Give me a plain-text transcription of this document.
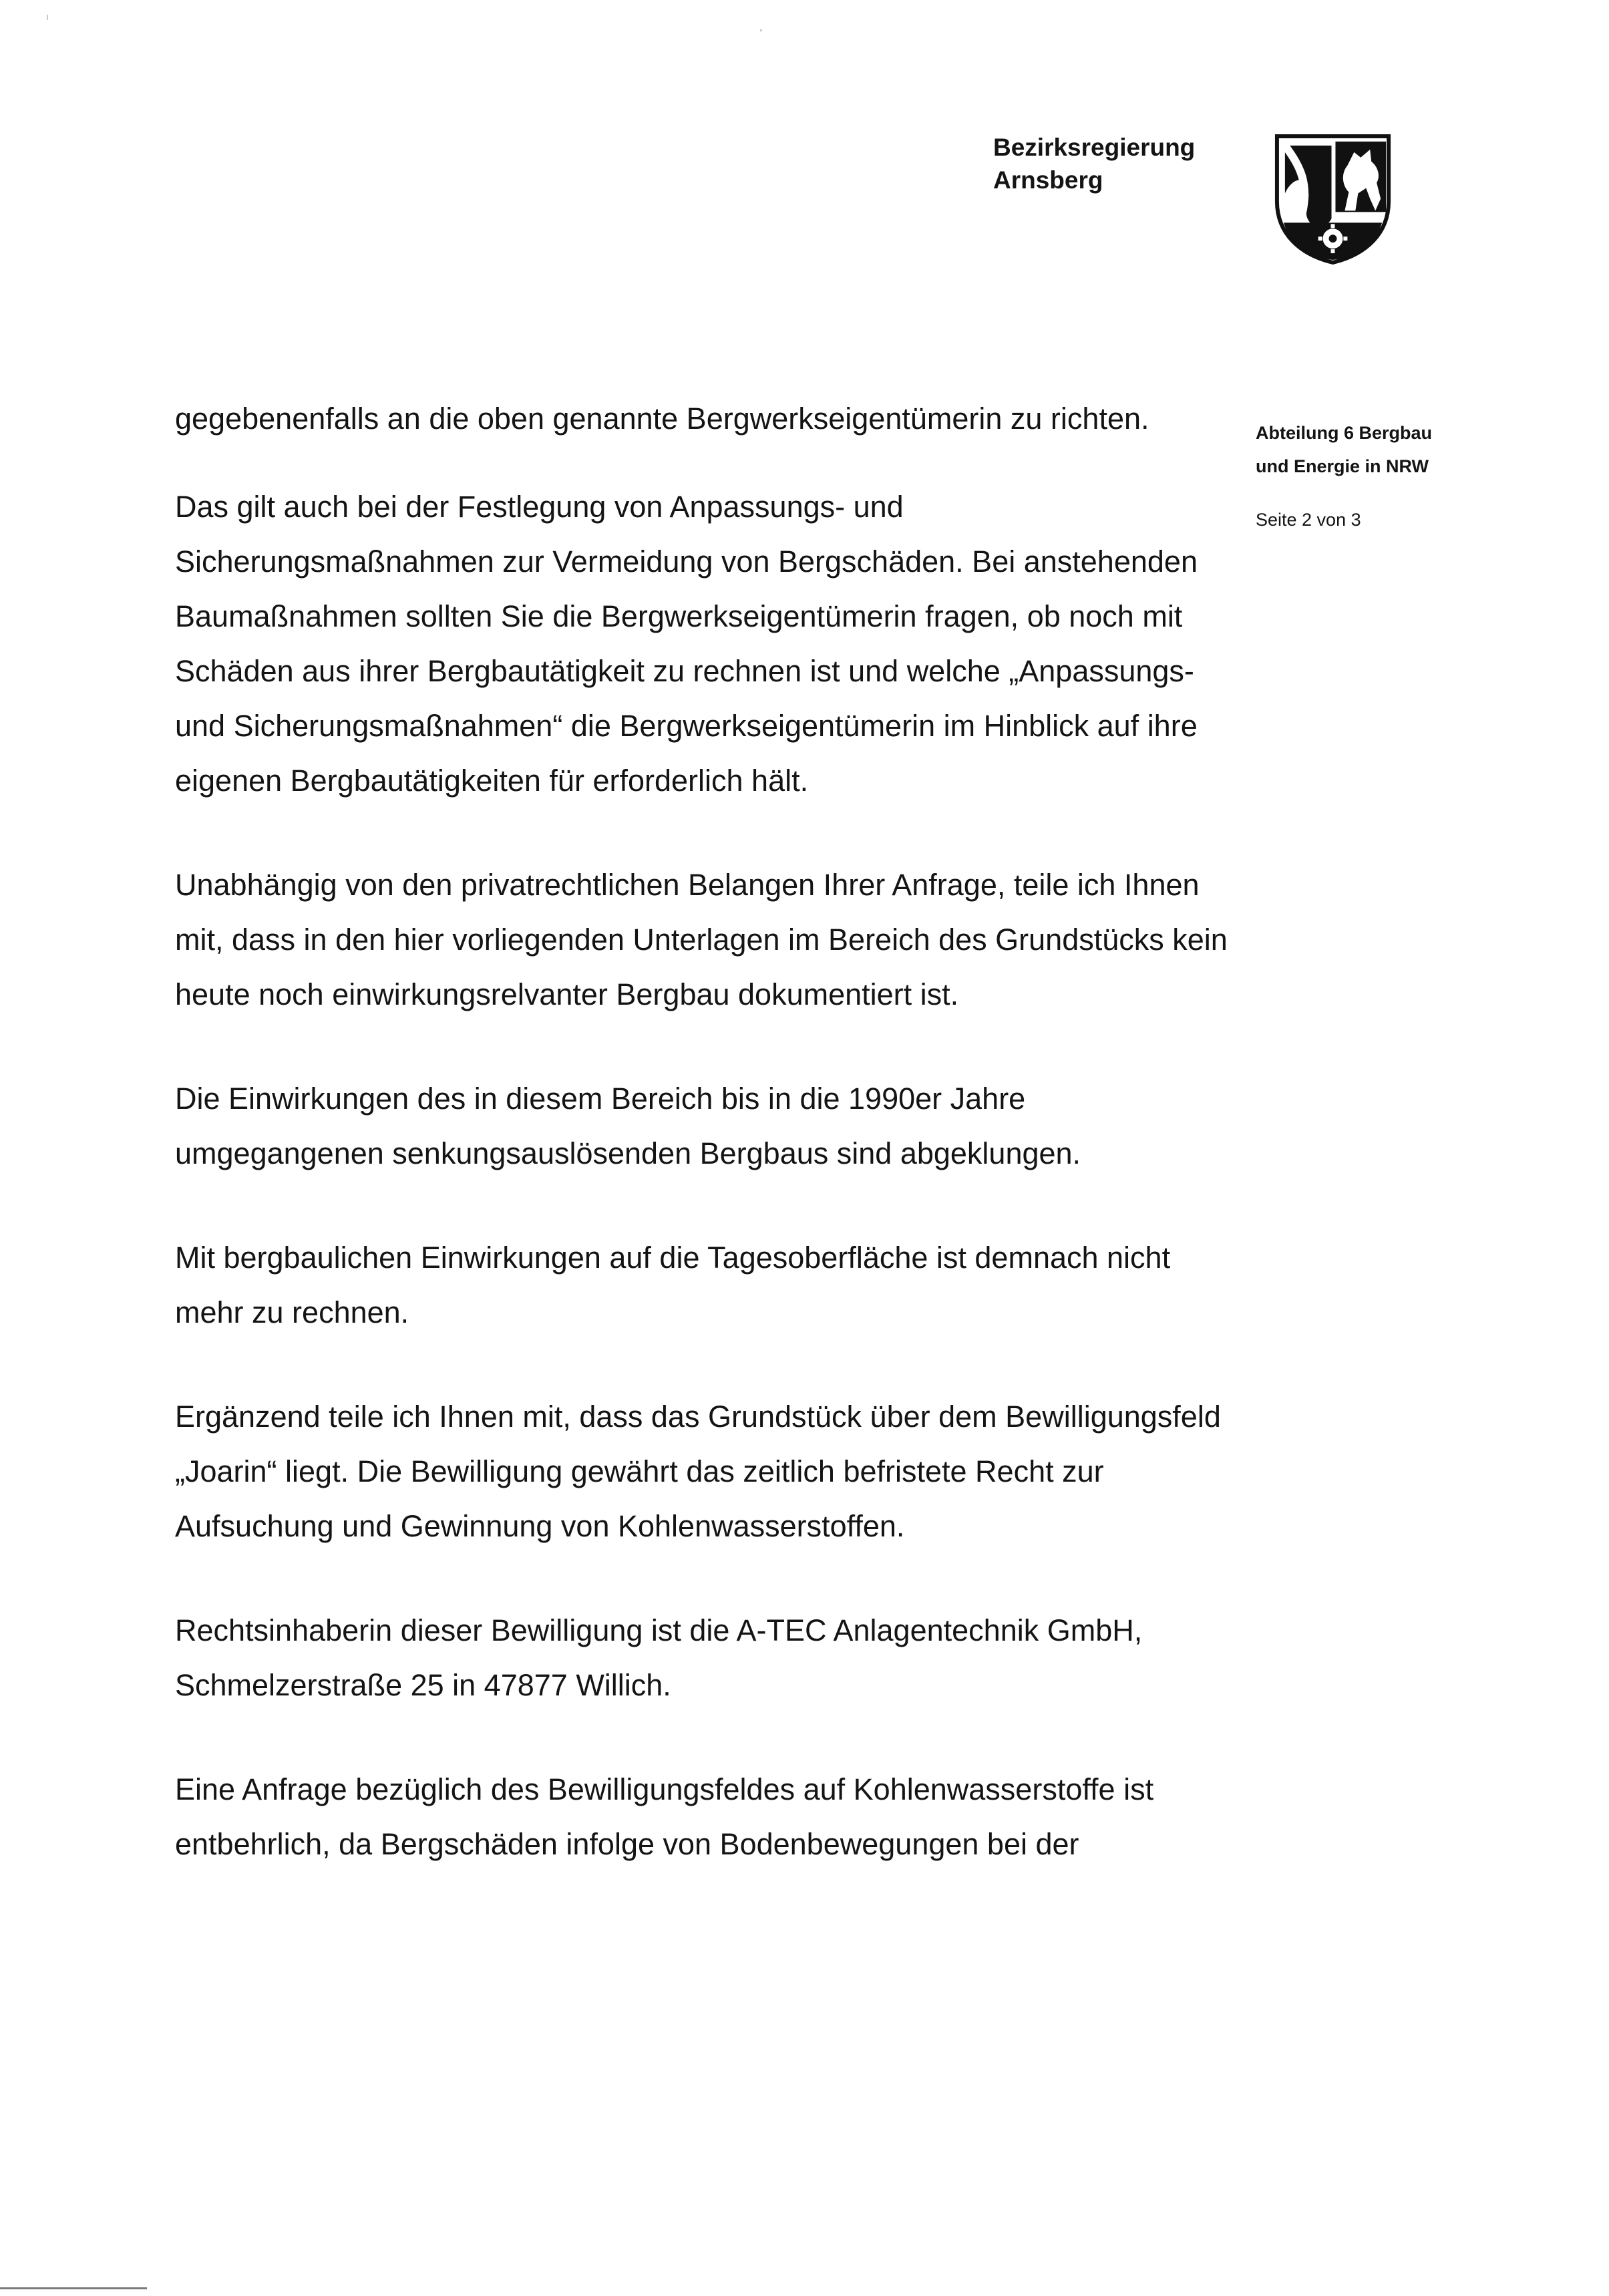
Bezirksregierung
Arnsberg
Abteilung 6 Bergbau
und Energie in NRW
Seite 2 von 3

gegebenenfalls an die oben genannte Bergwerkseigentümerin zu richten.

Das gilt auch bei der Festlegung von Anpassungs- und Sicherungsmaßnahmen zur Vermeidung von Bergschäden. Bei anstehenden Baumaßnahmen sollten Sie die Bergwerkseigentümerin fragen, ob noch mit Schäden aus ihrer Bergbautätigkeit zu rechnen ist und welche „Anpassungs- und Sicherungsmaßnahmen“ die Bergwerkseigentümerin im Hinblick auf ihre eigenen Bergbautätigkeiten für erforderlich hält.

Unabhängig von den privatrechtlichen Belangen Ihrer Anfrage, teile ich Ihnen mit, dass in den hier vorliegenden Unterlagen im Bereich des Grundstücks kein heute noch einwirkungsrelvanter Bergbau dokumentiert ist.

Die Einwirkungen des in diesem Bereich bis in die 1990er Jahre umgegangenen senkungsauslösenden Bergbaus sind abgeklungen.

Mit bergbaulichen Einwirkungen auf die Tagesoberfläche ist demnach nicht mehr zu rechnen.

Ergänzend teile ich Ihnen mit, dass das Grundstück über dem Bewilligungsfeld „Joarin“ liegt. Die Bewilligung gewährt das zeitlich befristete Recht zur Aufsuchung und Gewinnung von Kohlenwasserstoffen.

Rechtsinhaberin dieser Bewilligung ist die A-TEC Anlagentechnik GmbH, Schmelzerstraße 25 in 47877 Willich.

Eine Anfrage bezüglich des Bewilligungsfeldes auf Kohlenwasserstoffe ist entbehrlich, da Bergschäden infolge von Bodenbewegungen bei der
